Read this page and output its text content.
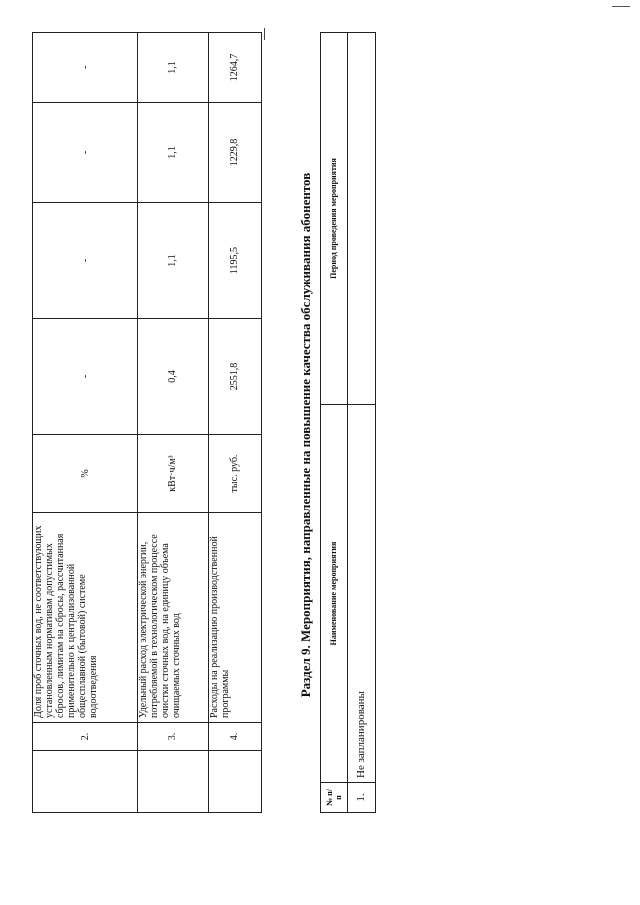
	2.	Доля проб сточных вод, не соответствующих установленным нормативам допустимых сбросов, лимитам на сбросы, рассчитанная применительно к централизованной общесплавной (бытовой) системе водоотведения	%	-	-	-	-
	3.	Удельный расход электрической энергии, потребляемой в технологическом процессе очистки сточных вод, на единицу объема очищаемых сточных вод	кВт·ч/м³	0,4	1,1	1,1	1,1
	4.	Расходы на реализацию производственной программы	тыс. руб.	2551,8	1195,5	1229,8	1264,7
Раздел 9. Мероприятия, направленные на повышение качества обслуживания абонентов
№ п/п	Наименование мероприятия	Период проведения мероприятия
1.	Не запланированы	
